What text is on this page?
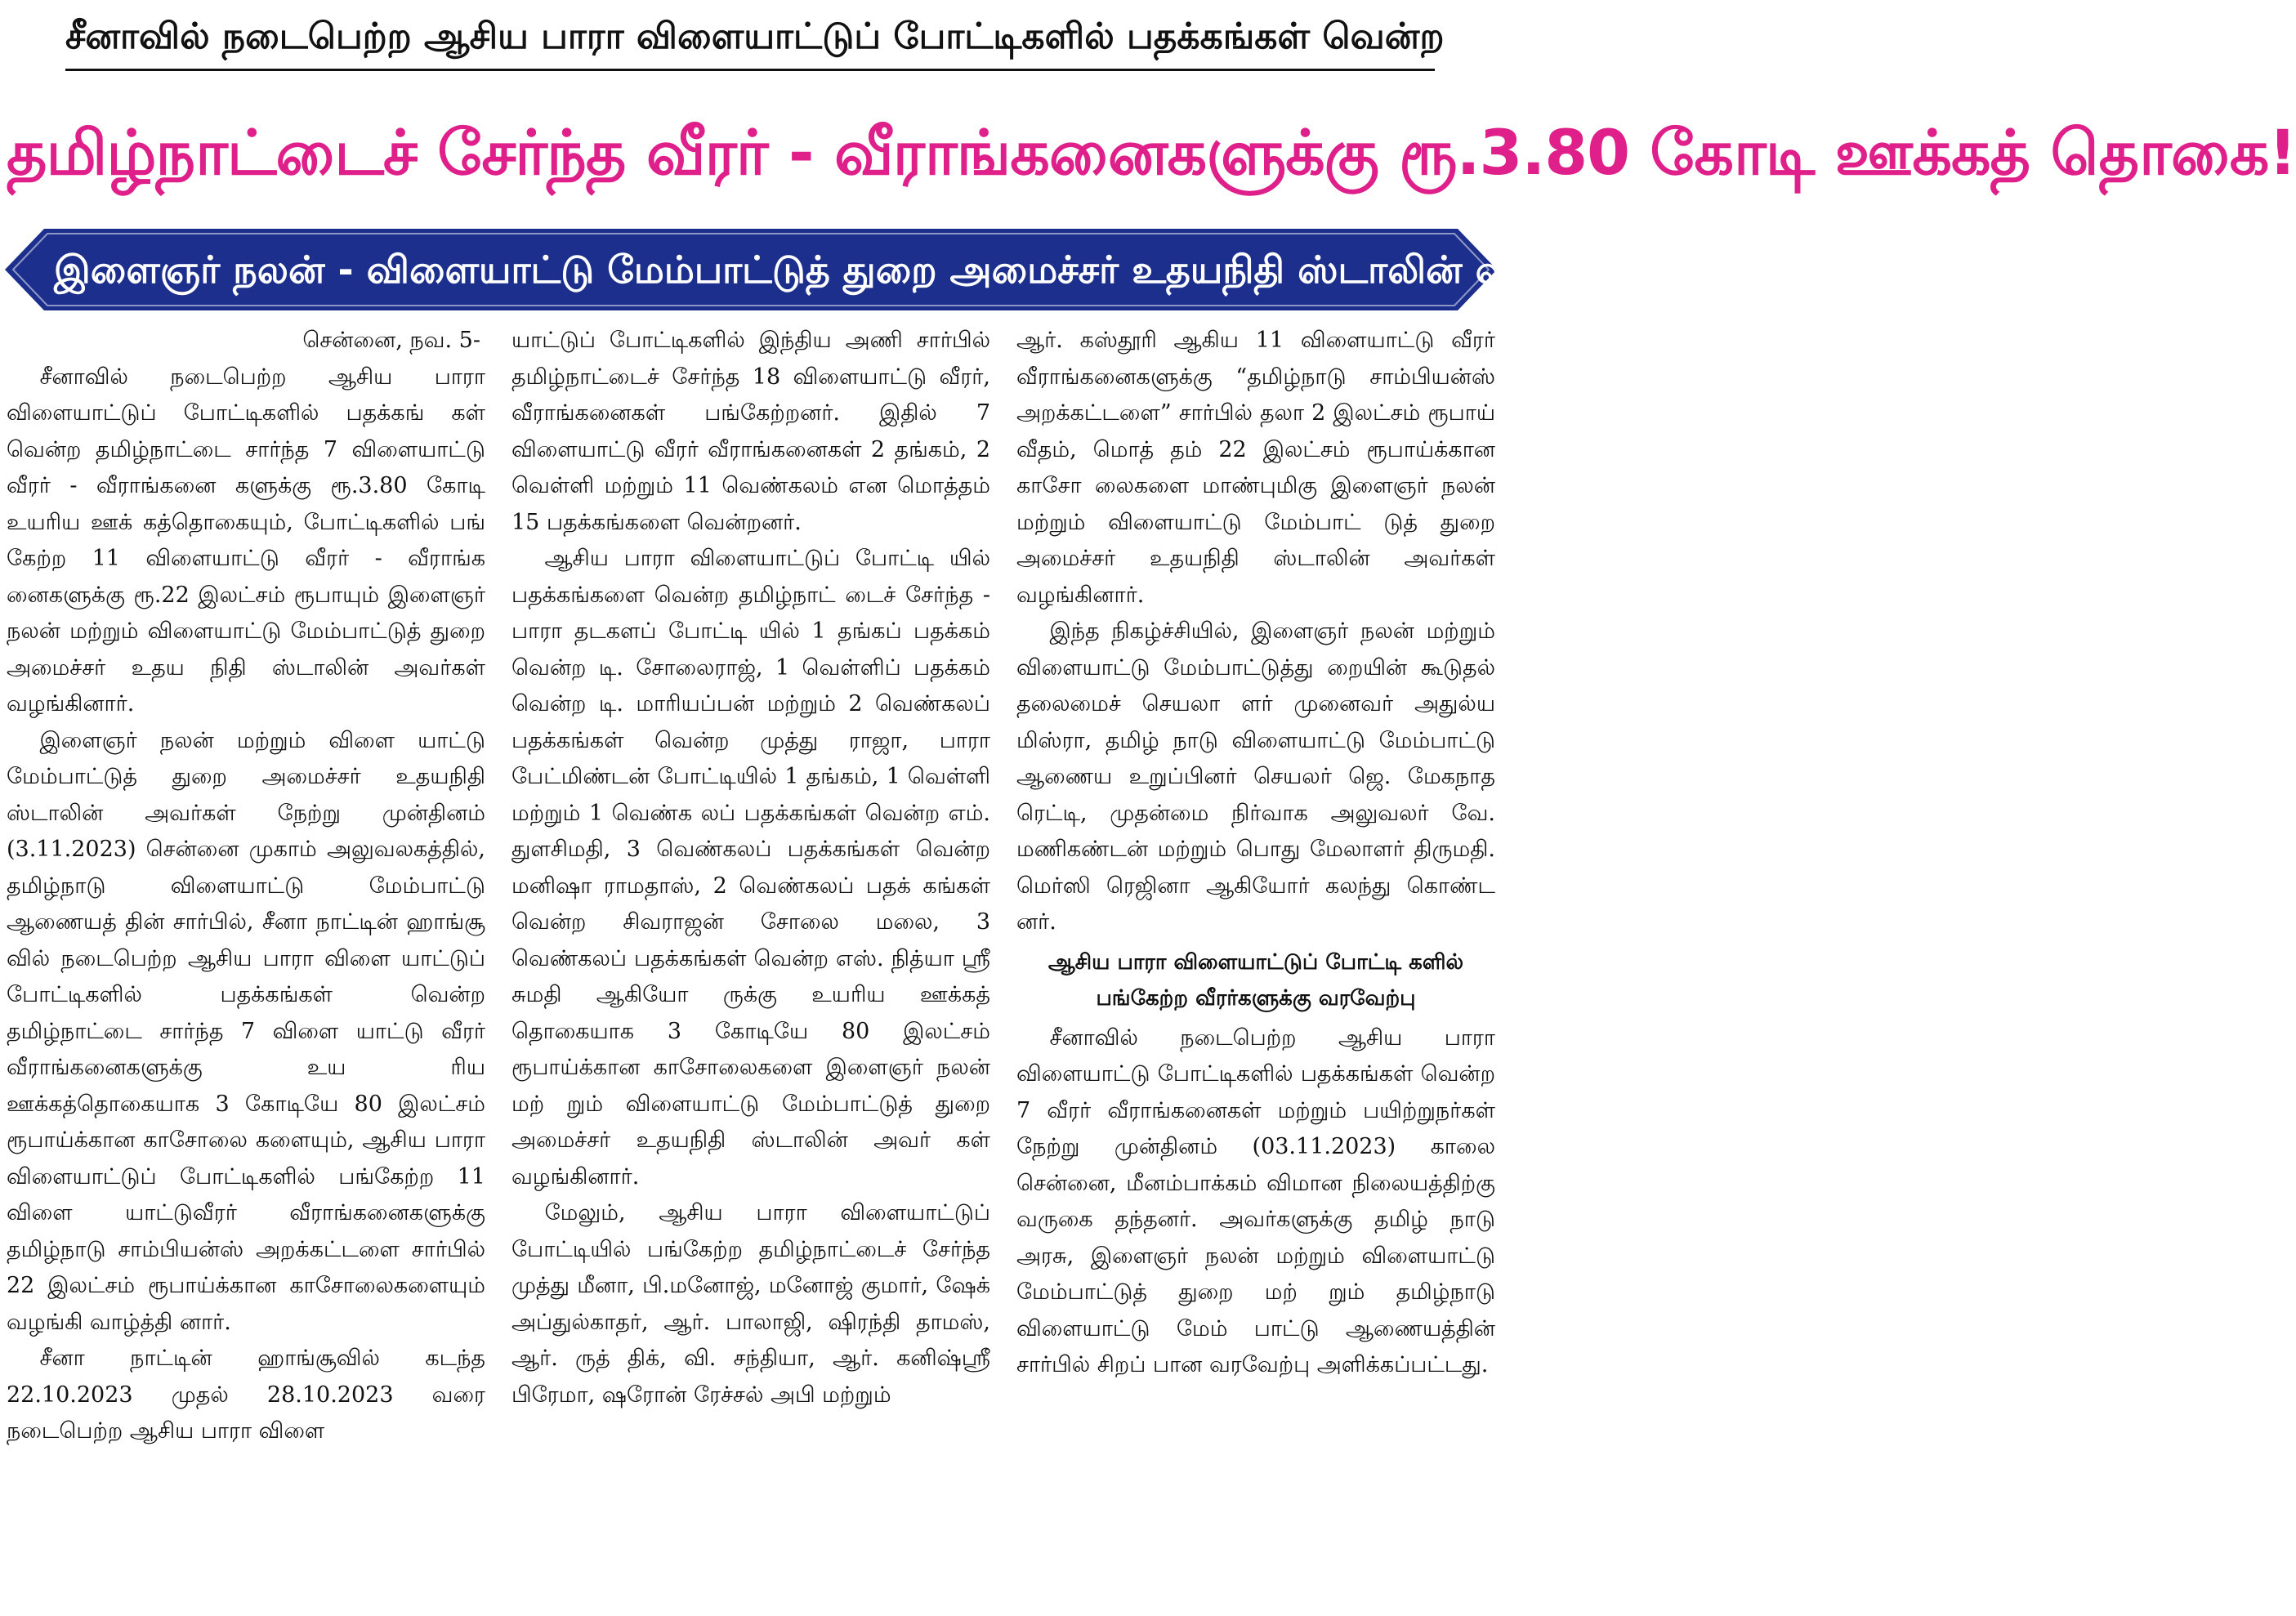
சீனாவில் நடைபெற்ற ஆசிய பாரா விளையாட்டுப் போட்டிகளில் பதக்கங்கள் வென்ற
தமிழ்நாட்டைச் சேர்ந்த வீரர் - வீராங்கனைகளுக்கு ரூ.3.80 கோடி ஊக்கத் தொகை!
இளைஞர் நலன் - விளையாட்டு மேம்பாட்டுத் துறை அமைச்சர் உதயநிதி ஸ்டாலின் வழங்கினார்!

சென்னை, நவ. 5-

சீனாவில் நடைபெற்ற ஆசிய பாரா விளையாட்டுப் போட்டிகளில் பதக்கங் கள் வென்ற தமிழ்நாட்டை சார்ந்த 7 விளையாட்டு வீரர் - வீராங்கனை களுக்கு ரூ.3.80 கோடி உயரிய ஊக் கத்தொகையும், போட்டிகளில் பங் கேற்ற 11 விளையாட்டு வீரர் - வீராங்க னைகளுக்கு ரூ.22 இலட்சம் ரூபாயும் இளைஞர் நலன் மற்றும் விளையாட்டு மேம்பாட்டுத் துறை அமைச்சர் உதய நிதி ஸ்டாலின் அவர்கள் வழங்கினார்.

இளைஞர் நலன் மற்றும் விளை யாட்டு மேம்பாட்டுத் துறை அமைச்சர் உதயநிதி ஸ்டாலின் அவர்கள் நேற்று முன்தினம் (3.11.2023) சென்னை முகாம் அலுவலகத்தில், தமிழ்நாடு விளையாட்டு மேம்பாட்டு ஆணையத் தின் சார்பில், சீனா நாட்டின் ஹாங்சூ வில் நடைபெற்ற ஆசிய பாரா விளை யாட்டுப் போட்டிகளில் பதக்கங்கள் வென்ற தமிழ்நாட்டை சார்ந்த 7 விளை யாட்டு வீரர் வீராங்கனைகளுக்கு உய ரிய ஊக்கத்தொகையாக 3 கோடியே 80 இலட்சம் ரூபாய்க்கான காசோலை களையும், ஆசிய பாரா விளையாட்டுப் போட்டிகளில் பங்கேற்ற 11 விளை யாட்டுவீரர் வீராங்கனைகளுக்கு தமிழ்நாடு சாம்பியன்ஸ் அறக்கட்டளை சார்பில் 22 இலட்சம் ரூபாய்க்கான காசோலைகளையும் வழங்கி வாழ்த்தி னார்.

சீனா நாட்டின் ஹாங்சூவில் கடந்த 22.10.2023 முதல் 28.10.2023 வரை நடைபெற்ற ஆசிய பாரா விளை

யாட்டுப் போட்டிகளில் இந்திய அணி சார்பில் தமிழ்நாட்டைச் சேர்ந்த 18 விளையாட்டு வீரர், வீராங்கனைகள் பங்கேற்றனர். இதில் 7 விளையாட்டு வீரர் வீராங்கனைகள் 2 தங்கம், 2 வெள்ளி மற்றும் 11 வெண்கலம் என மொத்தம் 15 பதக்கங்களை வென்றனர்.

ஆசிய பாரா விளையாட்டுப் போட்டி யில் பதக்கங்களை வென்ற தமிழ்நாட் டைச் சேர்ந்த - பாரா தடகளப் போட்டி யில் 1 தங்கப் பதக்கம் வென்ற டி. சோலைராஜ், 1 வெள்ளிப் பதக்கம் வென்ற டி. மாரியப்பன் மற்றும் 2 வெண்கலப் பதக்கங்கள் வென்ற முத்து ராஜா, பாரா பேட்மிண்டன் போட்டியில் 1 தங்கம், 1 வெள்ளி மற்றும் 1 வெண்க லப் பதக்கங்கள் வென்ற எம். துளசிமதி, 3 வெண்கலப் பதக்கங்கள் வென்ற மனிஷா ராமதாஸ், 2 வெண்கலப் பதக் கங்கள் வென்ற சிவராஜன் சோலை மலை, 3 வெண்கலப் பதக்கங்கள் வென்ற எஸ். நித்யா ஸ்ரீ சுமதி ஆகியோ ருக்கு உயரிய ஊக்கத் தொகையாக 3 கோடியே 80 இலட்சம் ரூபாய்க்கான காசோலைகளை இளைஞர் நலன் மற் றும் விளையாட்டு மேம்பாட்டுத் துறை அமைச்சர் உதயநிதி ஸ்டாலின் அவர் கள் வழங்கினார்.

மேலும், ஆசிய பாரா விளையாட்டுப் போட்டியில் பங்கேற்ற தமிழ்நாட்டைச் சேர்ந்த முத்து மீனா, பி.மனோஜ், மனோஜ் குமார், ஷேக் அப்துல்காதர், ஆர். பாலாஜி, ஷிரந்தி தாமஸ், ஆர். ருத் திக், வி. சந்தியா, ஆர். கனிஷ்ஸ்ரீ பிரேமா, ஷரோன் ரேச்சல் அபி மற்றும்

ஆர். கஸ்தூரி ஆகிய 11 விளையாட்டு வீரர் வீராங்கனைகளுக்கு “தமிழ்நாடு சாம்பியன்ஸ் அறக்கட்டளை” சார்பில் தலா 2 இலட்சம் ரூபாய் வீதம், மொத் தம் 22 இலட்சம் ரூபாய்க்கான காசோ லைகளை மாண்புமிகு இளைஞர் நலன் மற்றும் விளையாட்டு மேம்பாட் டுத் துறை அமைச்சர் உதயநிதி ஸ்டாலின் அவர்கள் வழங்கினார்.

இந்த நிகழ்ச்சியில், இளைஞர் நலன் மற்றும் விளையாட்டு மேம்பாட்டுத்து றையின் கூடுதல் தலைமைச் செயலா ளர் முனைவர் அதுல்ய மிஸ்ரா, தமிழ் நாடு விளையாட்டு மேம்பாட்டு ஆணைய உறுப்பினர் செயலர் ஜெ. மேகநாத ரெட்டி, முதன்மை நிர்வாக அலுவலர் வே. மணிகண்டன் மற்றும் பொது மேலாளர் திருமதி. மெர்ஸி ரெஜினா ஆகியோர் கலந்து கொண்ட னர்.

ஆசிய பாரா விளையாட்டுப் போட்டி களில் பங்கேற்ற வீரர்களுக்கு வரவேற்பு

சீனாவில் நடைபெற்ற ஆசிய பாரா விளையாட்டு போட்டிகளில் பதக்கங்கள் வென்ற 7 வீரர் வீராங்கனைகள் மற்றும் பயிற்றுநர்கள் நேற்று முன்தினம் (03.11.2023) காலை சென்னை, மீனம்பாக்கம் விமான நிலையத்திற்கு வருகை தந்தனர். அவர்களுக்கு தமிழ் நாடு அரசு, இளைஞர் நலன் மற்றும் விளையாட்டு மேம்பாட்டுத் துறை மற் றும் தமிழ்நாடு விளையாட்டு மேம் பாட்டு ஆணையத்தின் சார்பில் சிறப் பான வரவேற்பு அளிக்கப்பட்டது.
